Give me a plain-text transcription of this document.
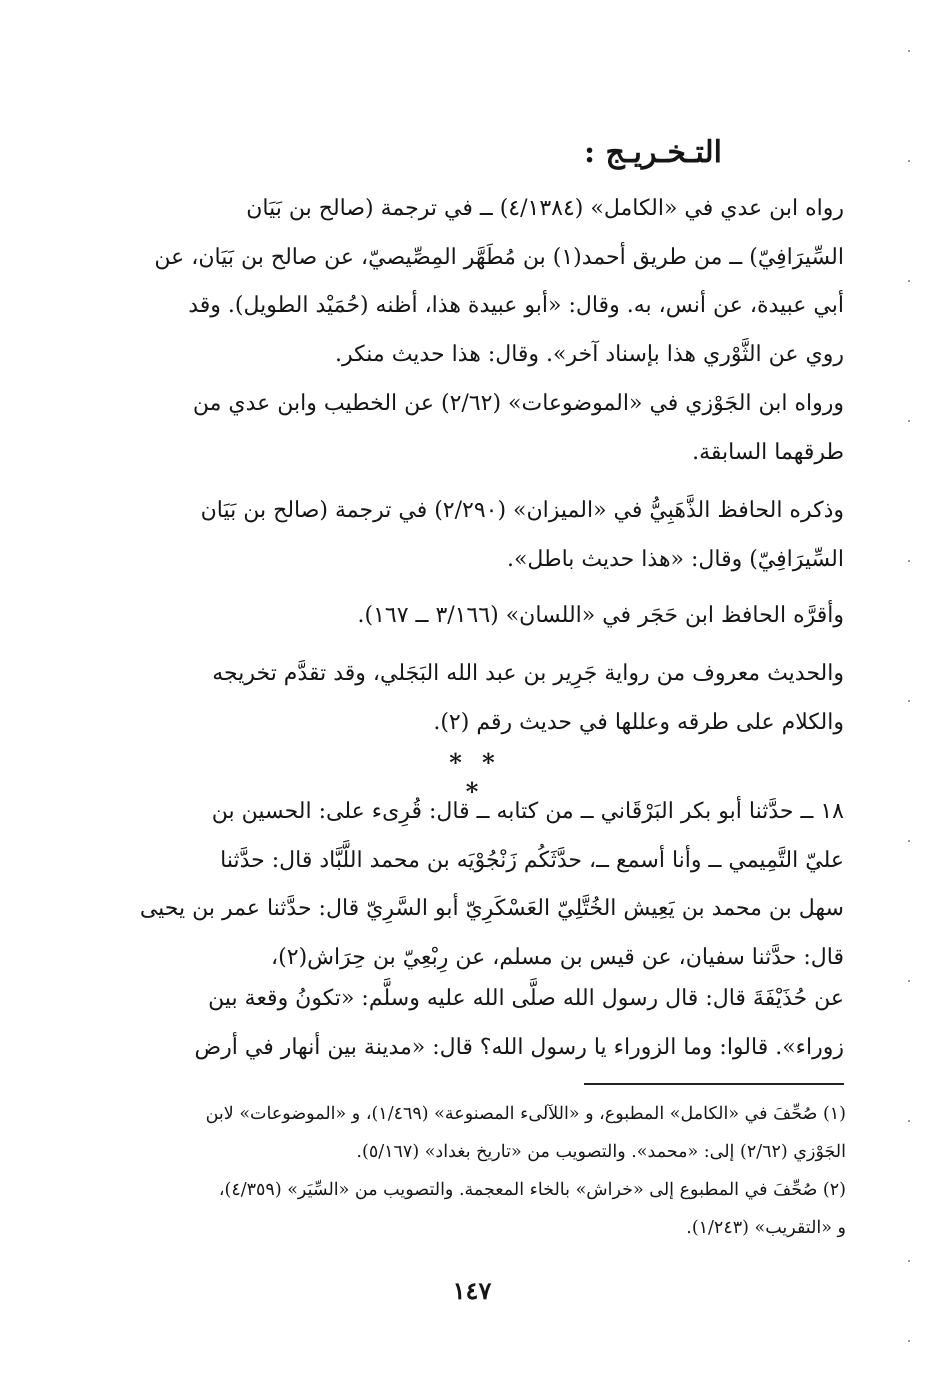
التـخـريـج :
رواه ابن عدي في «الكامل» (٤/١٣٨٤) ــ في ترجمة (صالح بن بَيَان
السِّيرَافِيّ) ــ من طريق أحمد(١) بن مُطَهَّر المِصِّيصيّ، عن صالح بن بَيَان، عن
أبي عبيدة، عن أنس، به. وقال: «أبو عبيدة هذا، أظنه (حُمَيْد الطويل). وقد
روي عن الثَّوْري هذا بإسناد آخر». وقال: هذا حديث منكر.
ورواه ابن الجَوْزي في «الموضوعات» (٢/٦٢) عن الخطيب وابن عدي من
طرقهما السابقة.
وذكره الحافظ الذَّهَبِيُّ في «الميزان» (٢/٢٩٠) في ترجمة (صالح بن بَيَان
السِّيرَافِيّ) وقال: «هذا حديث باطل».
وأقرَّه الحافظ ابن حَجَر في «اللسان» (٣/١٦٦ ــ ١٦٧).
والحديث معروف من رواية جَرِير بن عبد الله البَجَلي، وقد تقدَّم تخريجه
والكلام على طرقه وعللها في حديث رقم (٢).
* * *
١٨ ــ حدَّثنا أبو بكر البَرْقَاني ــ من كتابه ــ قال: قُرِىء على: الحسين بن
عليّ التَّمِيمي ــ وأنا أسمع ــ، حدَّثَكُم زَنْجُوْيَه بن محمد اللَّبَّاد قال: حدَّثنا
سهل بن محمد بن يَعِيش الخُتَّلِيّ العَسْكَرِيّ أبو السَّرِيّ قال: حدَّثنا عمر بن يحيى
قال: حدَّثنا سفيان، عن قيس بن مسلم، عن رِبْعِيّ بن حِرَاش(٢)،
عن حُذَيْفَةَ قال: قال رسول الله صلَّى الله عليه وسلَّم: «تكونُ وقعة بين
زوراء». قالوا: وما الزوراء يا رسول الله؟ قال: «مدينة بين أنهار في أرض
(١) صُحِّفَ في «الكامل» المطبوع، و «اللآلىء المصنوعة» (١/٤٦٩)، و «الموضوعات» لابن
الجَوْزي (٢/٦٢) إلى: «محمد». والتصويب من «تاريخ بغداد» (٥/١٦٧).
(٢) صُحِّفَ في المطبوع إلى «خراش» بالخاء المعجمة. والتصويب من «السِّيَر» (٤/٣٥٩)،
و «التقريب» (١/٢٤٣).
١٤٧
